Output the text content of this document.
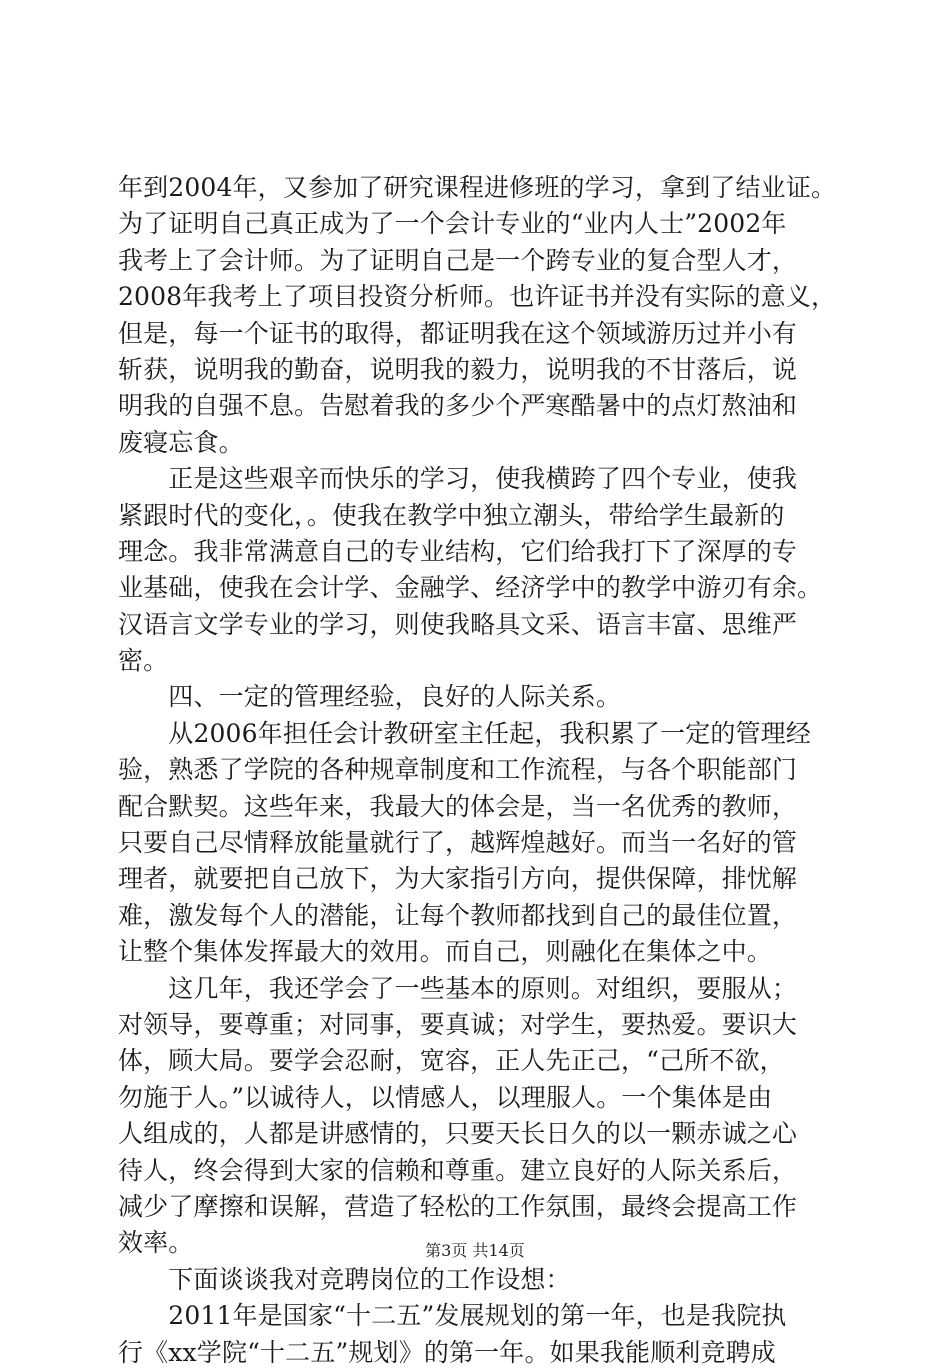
年到2004年，又参加了研究课程进修班的学习，拿到了结业证。
为了证明自己真正成为了一个会计专业的“业内人士”2002年
我考上了会计师。为了证明自己是一个跨专业的复合型人才，
2008年我考上了项目投资分析师。也许证书并没有实际的意义，
但是，每一个证书的取得，都证明我在这个领域游历过并小有
斩获，说明我的勤奋，说明我的毅力，说明我的不甘落后，说
明我的自强不息。告慰着我的多少个严寒酷暑中的点灯熬油和
废寝忘食。
　　正是这些艰辛而快乐的学习，使我横跨了四个专业，使我
紧跟时代的变化，。使我在教学中独立潮头，带给学生最新的
理念。我非常满意自己的专业结构，它们给我打下了深厚的专
业基础，使我在会计学、金融学、经济学中的教学中游刃有余。
汉语言文学专业的学习，则使我略具文采、语言丰富、思维严
密。
　　四、一定的管理经验，良好的人际关系。
　　从2006年担任会计教研室主任起，我积累了一定的管理经
验，熟悉了学院的各种规章制度和工作流程，与各个职能部门
配合默契。这些年来，我最大的体会是，当一名优秀的教师，
只要自己尽情释放能量就行了，越辉煌越好。而当一名好的管
理者，就要把自己放下，为大家指引方向，提供保障，排忧解
难，激发每个人的潜能，让每个教师都找到自己的最佳位置，
让整个集体发挥最大的效用。而自己，则融化在集体之中。
　　这几年，我还学会了一些基本的原则。对组织，要服从；
对领导，要尊重；对同事，要真诚；对学生，要热爱。要识大
体，顾大局。要学会忍耐，宽容，正人先正己，“己所不欲，
勿施于人。”以诚待人，以情感人，以理服人。一个集体是由
人组成的，人都是讲感情的，只要天长日久的以一颗赤诚之心
待人，终会得到大家的信赖和尊重。建立良好的人际关系后，
减少了摩擦和误解，营造了轻松的工作氛围，最终会提高工作
效率。
　　下面谈谈我对竞聘岗位的工作设想：
　　2011年是国家“十二五”发展规划的第一年，也是我院执
行《xx学院“十二五”规划》的第一年。如果我能顺利竞聘成
第3页 共14页
